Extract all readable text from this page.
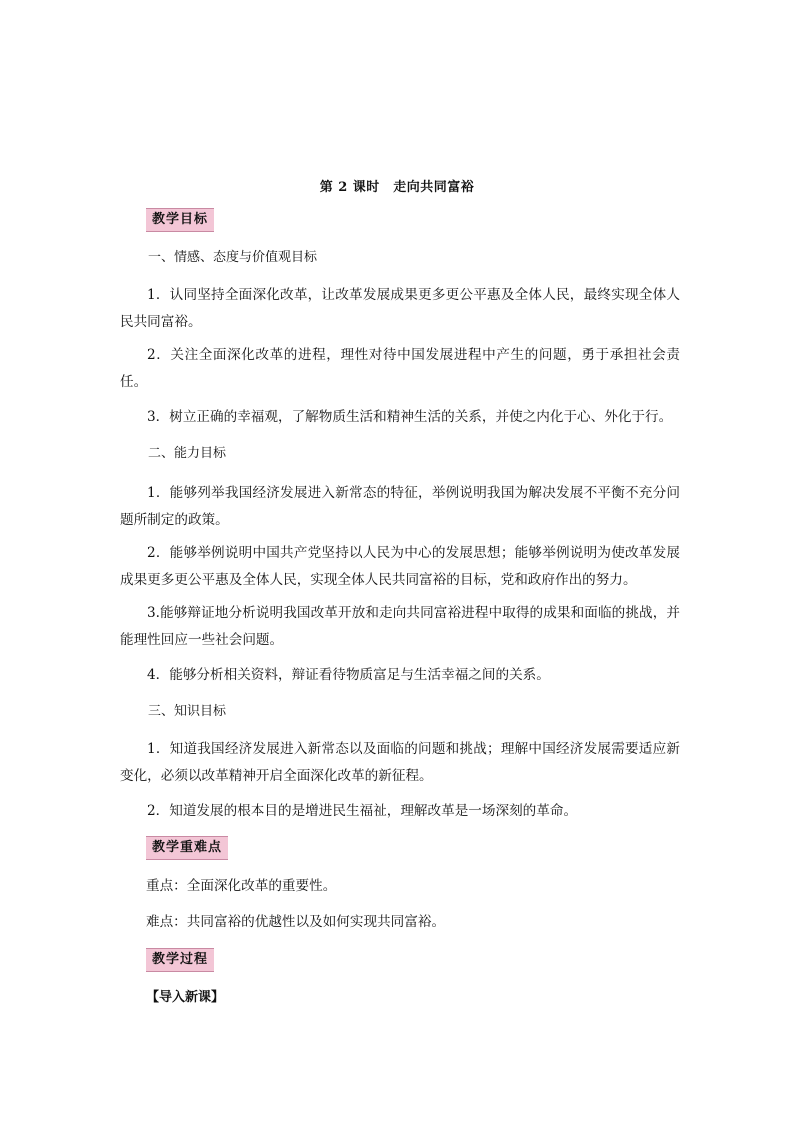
第 2 课时　走向共同富裕
教学目标
一、情感、态度与价值观目标
1．认同坚持全面深化改革，让改革发展成果更多更公平惠及全体人民，最终实现全体人民共同富裕。
2．关注全面深化改革的进程，理性对待中国发展进程中产生的问题，勇于承担社会责任。
3．树立正确的幸福观，了解物质生活和精神生活的关系，并使之内化于心、外化于行。
二、能力目标
1．能够列举我国经济发展进入新常态的特征，举例说明我国为解决发展不平衡不充分问题所制定的政策。
2．能够举例说明中国共产党坚持以人民为中心的发展思想；能够举例说明为使改革发展成果更多更公平惠及全体人民，实现全体人民共同富裕的目标，党和政府作出的努力。
3.能够辩证地分析说明我国改革开放和走向共同富裕进程中取得的成果和面临的挑战，并能理性回应一些社会问题。
4．能够分析相关资料，辩证看待物质富足与生活幸福之间的关系。
三、知识目标
1．知道我国经济发展进入新常态以及面临的问题和挑战；理解中国经济发展需要适应新变化，必须以改革精神开启全面深化改革的新征程。
2．知道发展的根本目的是增进民生福祉，理解改革是一场深刻的革命。
教学重难点
重点：全面深化改革的重要性。
难点：共同富裕的优越性以及如何实现共同富裕。
教学过程
【导入新课】
